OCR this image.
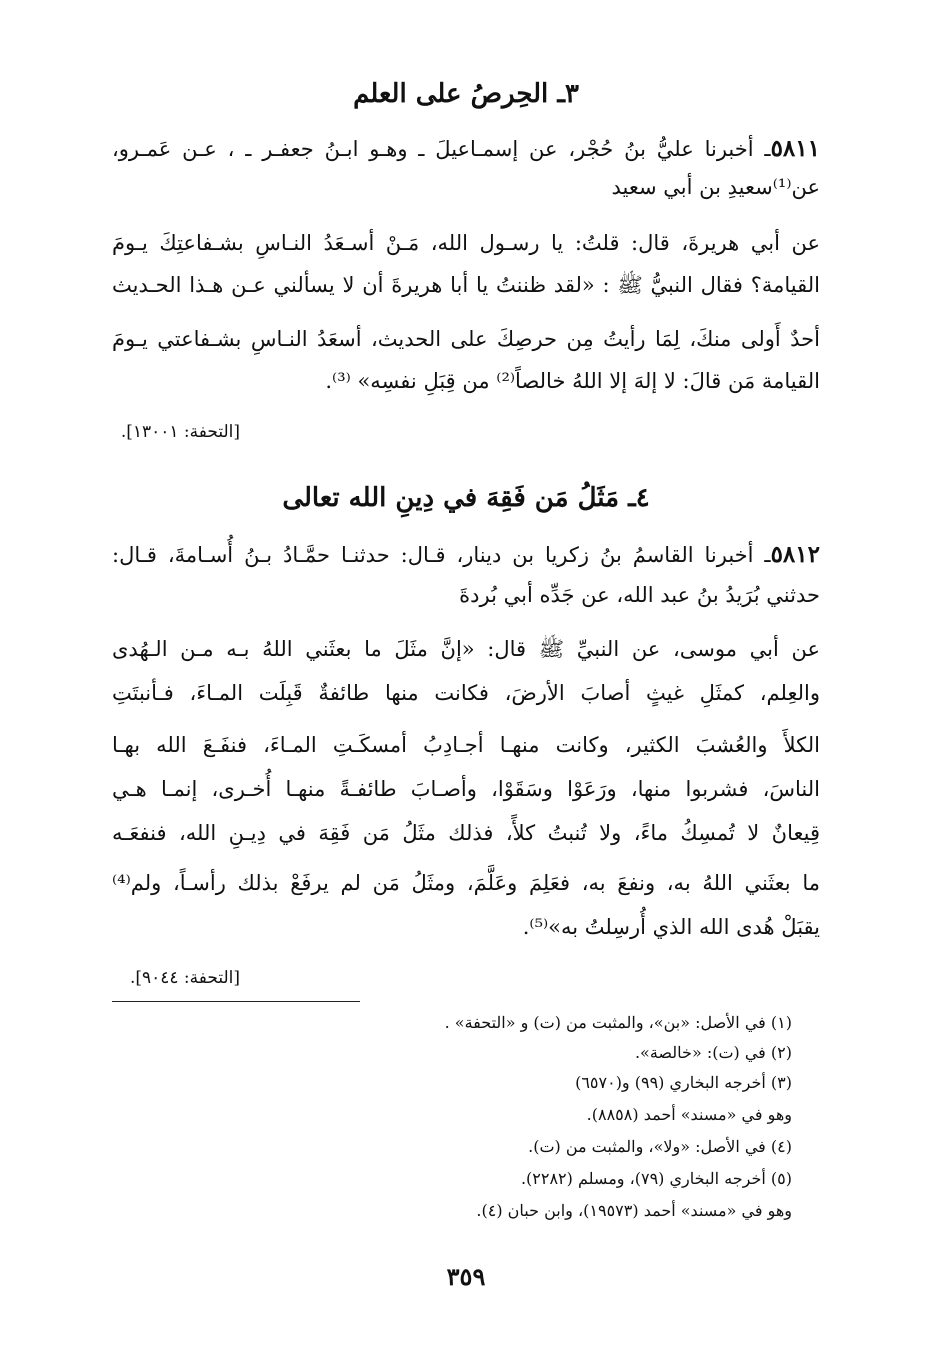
٣ـ الحِرصُ على العلم
٥٨١١ـ أخبرنا عليُّ بنُ حُجْر، عن إسمـاعيلَ ـ وهـو ابـنُ جعفـر ـ ، عـن عَمـرو،
عن⁽¹⁾سعيدِ بن أبي سعيد
عن أبي هريرةَ، قال: قلتُ: يا رسـول الله، مَـنْ أسـعَدُ النـاسِ بشـفاعتِكَ يـومَ
القيامة؟ فقال النبيُّ ﷺ : «لقد ظننتُ يا أبا هريرةَ أن لا يسألني عـن هـذا الحـديث
أحدٌ أَولى منكَ، لِمَا رأيتُ مِن حرصِكَ على الحديث، أسعَدُ النـاسِ بشـفاعتي يـومَ
القيامة مَن قالَ: لا إلهَ إلا اللهُ خالصاً⁽²⁾ من قِبَلِ نفسِه» ⁽³⁾.
[التحفة: ١٣٠٠١].
٤ـ مَثَلُ مَن فَقِهَ في دِينِ الله تعالى
٥٨١٢ـ أخبرنا القاسمُ بنُ زكريا بن دينار، قـال: حدثنـا حمَّـادُ بـنُ أُسـامةَ، قـال:
حدثني بُرَيدُ بنُ عبد الله، عن جَدِّه أبي بُردةَ
عن أبي موسى، عن النبيِّ ﷺ قال: «إنَّ مثَلَ ما بعثَني اللهُ بـه مـن الـهُدى
والعِلم، كمثَلِ غيثٍ أصابَ الأرضَ، فكانت منها طائفةٌ قَبِلَت المـاءَ، فـأنبتَتِ
الكلأَ والعُشبَ الكثير، وكانت منهـا أجـادِبُ أمسكَـتِ المـاءَ، فنفَـعَ الله بهـا
الناسَ، فشربوا منها، ورَعَوْا وسَقَوْا، وأصـابَ طائفـةً منهـا أُخـرى، إنمـا هـي
قِيعانٌ لا تُمسِكُ ماءً، ولا تُنبتُ كلأً، فذلك مثَلُ مَن فَقِهَ في دِيـنِ الله، فنفعَـه
ما بعثَني اللهُ به، ونفعَ به، فعَلِمَ وعَلَّمَ، ومثَلُ مَن لم يرفَعْ بذلك رأسـاً، ولم⁽⁴⁾
يقبَلْ هُدى الله الذي أُرسِلتُ به»⁽⁵⁾.
[التحفة: ٩٠٤٤].
(١) في الأصل: «بن»، والمثبت من (ت) و «التحفة» .
(٢) في (ت): «خالصة».
(٣) أخرجه البخاري (٩٩) و(٦٥٧٠)
وهو في «مسند» أحمد (٨٨٥٨).
(٤) في الأصل: «ولا»، والمثبت من (ت).
(٥) أخرجه البخاري (٧٩)، ومسلم (٢٢٨٢).
وهو في «مسند» أحمد (١٩٥٧٣)، وابن حبان (٤).
٣٥٩
